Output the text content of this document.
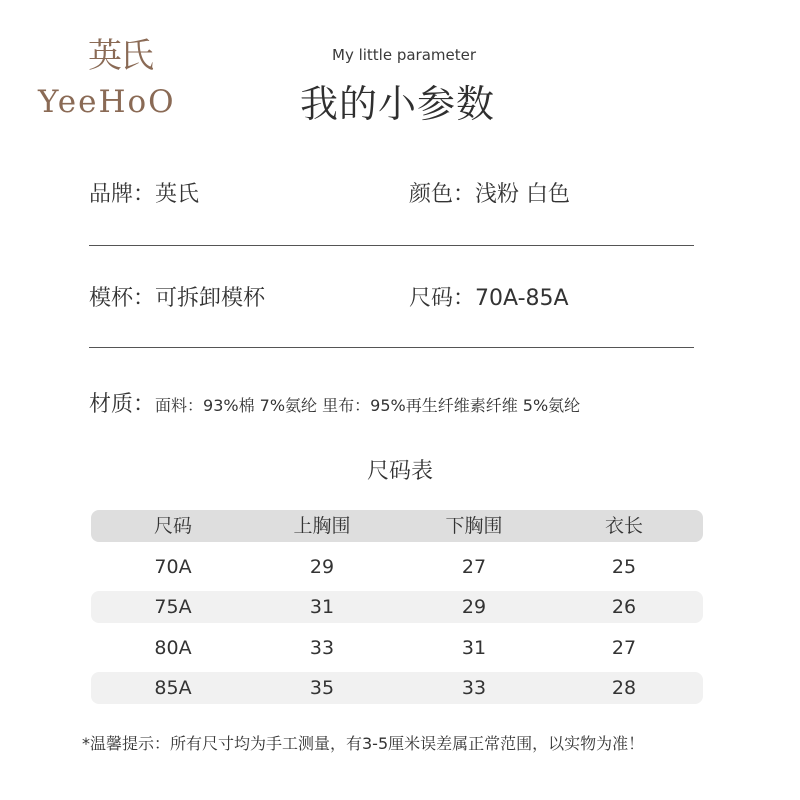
英氏
YeeHoO
My little parameter
我的小参数
品牌：英氏	颜色：浅粉 白色
模杯：可拆卸模杯	尺码：70A-85A
材质：面料：93%棉 7%氨纶 里布：95%再生纤维素纤维 5%氨纶
尺码表
尺码	上胸围	下胸围	衣长
70A	29	27	25
75A	31	29	26
80A	33	31	27
85A	35	33	28
*温馨提示：所有尺寸均为手工测量，有3-5厘米误差属正常范围，以实物为准！
